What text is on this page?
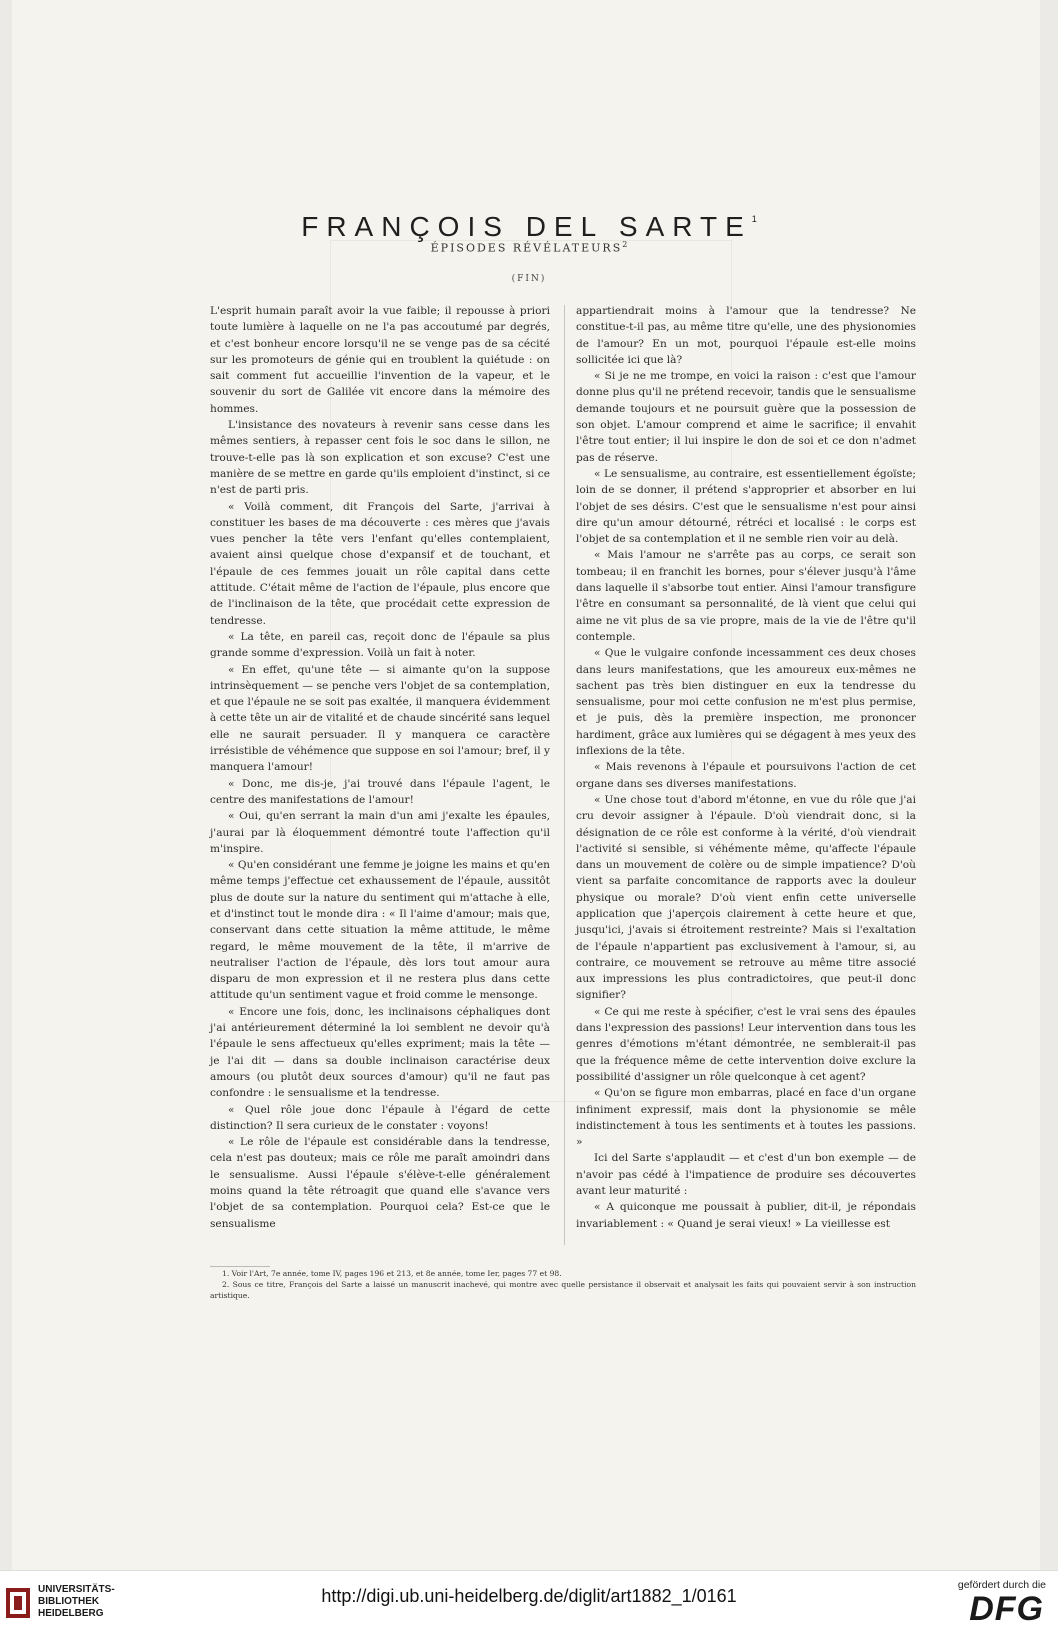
FRANÇOIS DEL SARTE$^1$
ÉPISODES RÉVÉLATEURS$^2$
(FIN)

L'esprit humain paraît avoir la vue faible; il repousse à priori toute lumière à laquelle on ne l'a pas accoutumé par degrés, et c'est bonheur encore lorsqu'il ne se venge pas de sa cécité sur les promoteurs de génie qui en troublent la quiétude : on sait comment fut accueillie l'invention de la vapeur, et le souvenir du sort de Galilée vit encore dans la mémoire des hommes.

L'insistance des novateurs à revenir sans cesse dans les mêmes sentiers, à repasser cent fois le soc dans le sillon, ne trouve-t-elle pas là son explication et son excuse? C'est une manière de se mettre en garde qu'ils emploient d'instinct, si ce n'est de parti pris.

« Voilà comment, dit François del Sarte, j'arrivai à constituer les bases de ma découverte : ces mères que j'avais vues pencher la tête vers l'enfant qu'elles contemplaient, avaient ainsi quelque chose d'expansif et de touchant, et l'épaule de ces femmes jouait un rôle capital dans cette attitude. C'était même de l'action de l'épaule, plus encore que de l'inclinaison de la tête, que procédait cette expression de tendresse.

« La tête, en pareil cas, reçoit donc de l'épaule sa plus grande somme d'expression. Voilà un fait à noter.

« En effet, qu'une tête — si aimante qu'on la suppose intrinsèquement — se penche vers l'objet de sa contemplation, et que l'épaule ne se soit pas exaltée, il manquera évidemment à cette tête un air de vitalité et de chaude sincérité sans lequel elle ne saurait persuader. Il y manquera ce caractère irrésistible de véhémence que suppose en soi l'amour; bref, il y manquera l'amour!

« Donc, me dis-je, j'ai trouvé dans l'épaule l'agent, le centre des manifestations de l'amour!

« Oui, qu'en serrant la main d'un ami j'exalte les épaules, j'aurai par là éloquemment démontré toute l'affection qu'il m'inspire.

« Qu'en considérant une femme je joigne les mains et qu'en même temps j'effectue cet exhaussement de l'épaule, aussitôt plus de doute sur la nature du sentiment qui m'attache à elle, et d'instinct tout le monde dira : « Il l'aime d'amour; mais que, conservant dans cette situation la même attitude, le même regard, le même mouvement de la tête, il m'arrive de neutraliser l'action de l'épaule, dès lors tout amour aura disparu de mon expression et il ne restera plus dans cette attitude qu'un sentiment vague et froid comme le mensonge.

« Encore une fois, donc, les inclinaisons céphaliques dont j'ai antérieurement déterminé la loi semblent ne devoir qu'à l'épaule le sens affectueux qu'elles expriment; mais la tête — je l'ai dit — dans sa double inclinaison caractérise deux amours (ou plutôt deux sources d'amour) qu'il ne faut pas confondre : le sensualisme et la tendresse.

« Quel rôle joue donc l'épaule à l'égard de cette distinction? Il sera curieux de le constater : voyons!

« Le rôle de l'épaule est considérable dans la tendresse, cela n'est pas douteux; mais ce rôle me paraît amoindri dans le sensualisme. Aussi l'épaule s'élève-t-elle généralement moins quand la tête rétroagit que quand elle s'avance vers l'objet de sa contemplation. Pourquoi cela? Est-ce que le sensualisme

appartiendrait moins à l'amour que la tendresse? Ne constitue-t-il pas, au même titre qu'elle, une des physionomies de l'amour? En un mot, pourquoi l'épaule est-elle moins sollicitée ici que là?

« Si je ne me trompe, en voici la raison : c'est que l'amour donne plus qu'il ne prétend recevoir, tandis que le sensualisme demande toujours et ne poursuit guère que la possession de son objet. L'amour comprend et aime le sacrifice; il envahit l'être tout entier; il lui inspire le don de soi et ce don n'admet pas de réserve.

« Le sensualisme, au contraire, est essentiellement égoïste; loin de se donner, il prétend s'approprier et absorber en lui l'objet de ses désirs. C'est que le sensualisme n'est pour ainsi dire qu'un amour détourné, rétréci et localisé : le corps est l'objet de sa contemplation et il ne semble rien voir au delà.

« Mais l'amour ne s'arrête pas au corps, ce serait son tombeau; il en franchit les bornes, pour s'élever jusqu'à l'âme dans laquelle il s'absorbe tout entier. Ainsi l'amour transfigure l'être en consumant sa personnalité, de là vient que celui qui aime ne vit plus de sa vie propre, mais de la vie de l'être qu'il contemple.

« Que le vulgaire confonde incessamment ces deux choses dans leurs manifestations, que les amoureux eux-mêmes ne sachent pas très bien distinguer en eux la tendresse du sensualisme, pour moi cette confusion ne m'est plus permise, et je puis, dès la première inspection, me prononcer hardiment, grâce aux lumières qui se dégagent à mes yeux des inflexions de la tête.

« Mais revenons à l'épaule et poursuivons l'action de cet organe dans ses diverses manifestations.

« Une chose tout d'abord m'étonne, en vue du rôle que j'ai cru devoir assigner à l'épaule. D'où viendrait donc, si la désignation de ce rôle est conforme à la vérité, d'où viendrait l'activité si sensible, si véhémente même, qu'affecte l'épaule dans un mouvement de colère ou de simple impatience? D'où vient sa parfaite concomitance de rapports avec la douleur physique ou morale? D'où vient enfin cette universelle application que j'aperçois clairement à cette heure et que, jusqu'ici, j'avais si étroitement restreinte? Mais si l'exaltation de l'épaule n'appartient pas exclusivement à l'amour, si, au contraire, ce mouvement se retrouve au même titre associé aux impressions les plus contradictoires, que peut-il donc signifier?

« Ce qui me reste à spécifier, c'est le vrai sens des épaules dans l'expression des passions! Leur intervention dans tous les genres d'émotions m'étant démontrée, ne semblerait-il pas que la fréquence même de cette intervention doive exclure la possibilité d'assigner un rôle quelconque à cet agent?

« Qu'on se figure mon embarras, placé en face d'un organe infiniment expressif, mais dont la physionomie se mêle indistinctement à tous les sentiments et à toutes les passions. »

Ici del Sarte s'applaudit — et c'est d'un bon exemple — de n'avoir pas cédé à l'impatience de produire ses découvertes avant leur maturité :

« A quiconque me poussait à publier, dit-il, je répondais invariablement : « Quand je serai vieux! » La vieillesse est

1. Voir l'Art, 7e année, tome IV, pages 196 et 213, et 8e année, tome Ier, pages 77 et 98.

2. Sous ce titre, François del Sarte a laissé un manuscrit inachevé, qui montre avec quelle persistance il observait et analysait les faits qui pouvaient servir à son instruction artistique.

UNIVERSITÄTS-
BIBLIOTHEK
HEIDELBERG
http://digi.ub.uni-heidelberg.de/diglit/art1882_1/0161
gefördert durch die
DFG
